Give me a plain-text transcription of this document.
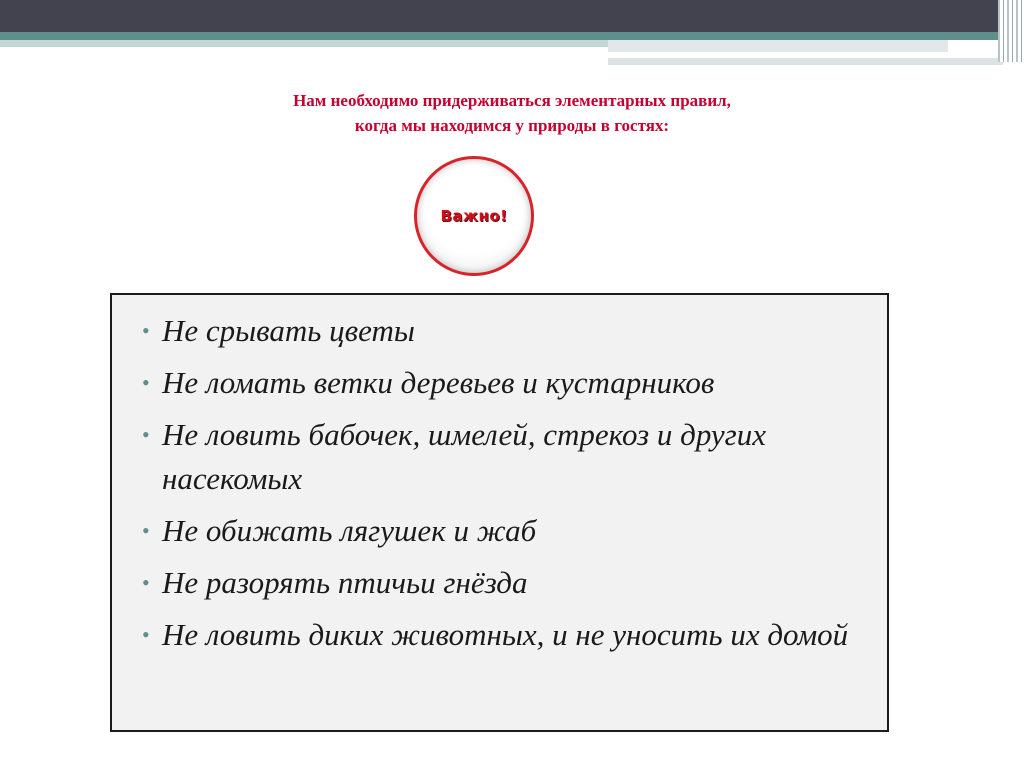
Нам необходимо придерживаться элементарных правил,
когда мы находимся у природы в гостях:
Важно!
• Не срывать цветы
• Не ломать ветки деревьев и кустарников
• Не ловить бабочек, шмелей, стрекоз и других насекомых
• Не обижать лягушек и жаб
• Не разорять птичьи гнёзда
• Не ловить диких животных, и не уносить их домой
